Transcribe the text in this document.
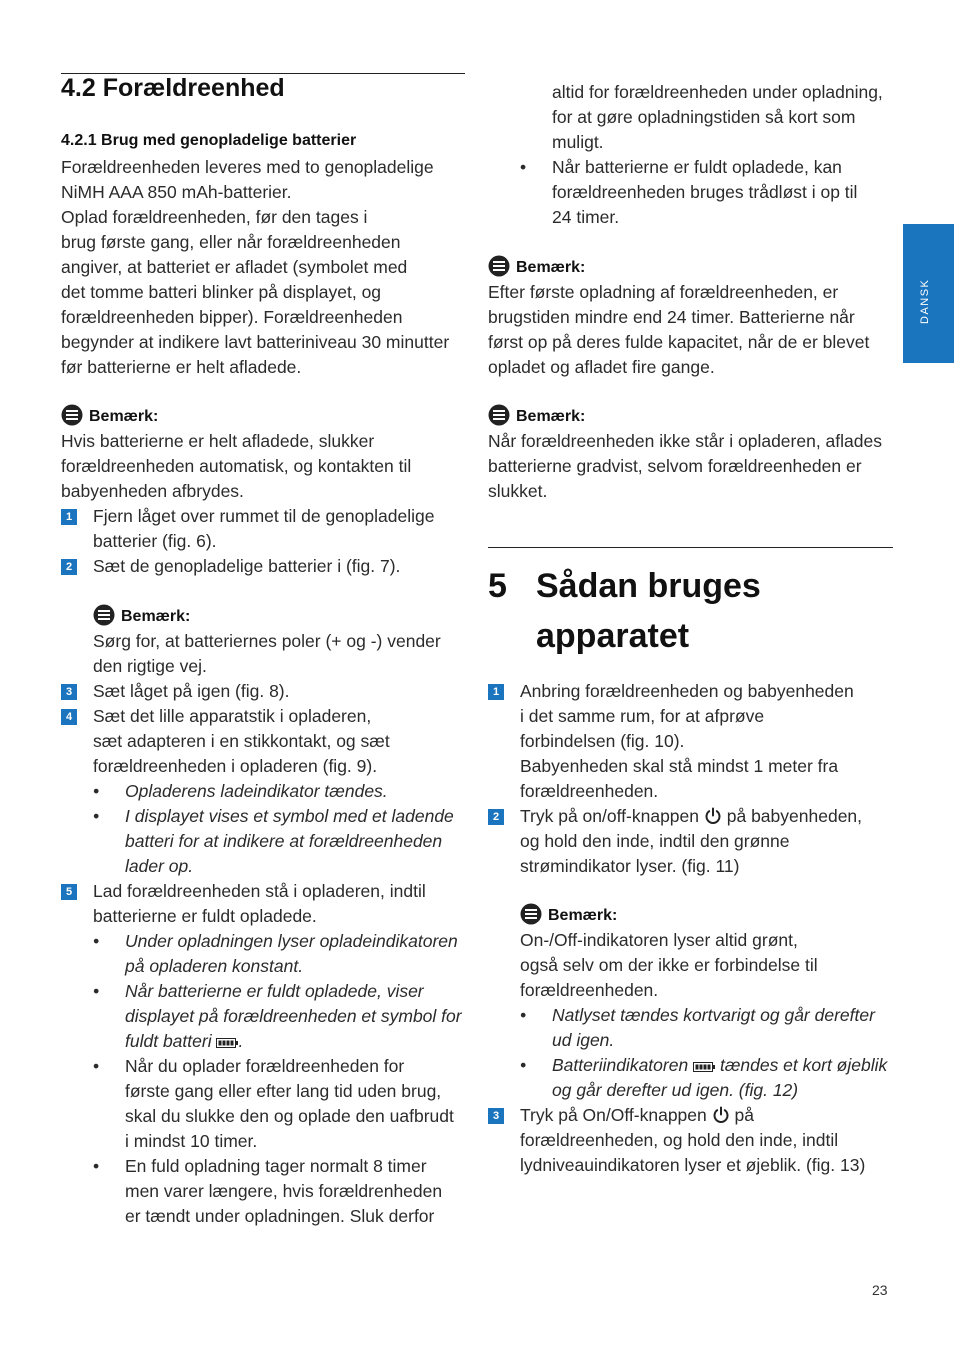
DANSK
4.2 Forældreenhed
4.2.1 Brug med genopladelige batterier
Forældreenheden leveres med to genopladelige
NiMH AAA 850 mAh-batterier.
Oplad forældreenheden, før den tages i
brug første gang, eller når forældreenheden
angiver, at batteriet er afladet (symbolet med
det tomme batteri blinker på displayet, og
forældreenheden bipper). Forældreenheden
begynder at indikere lavt batteriniveau 30 minutter
før batterierne er helt afladede.
Bemærk:
Hvis batterierne er helt afladede, slukker
forældreenheden automatisk, og kontakten til
babyenheden afbrydes.
1 Fjern låget over rummet til de genopladelige
batterier (fig. 6).
2 Sæt de genopladelige batterier i (fig. 7).
Bemærk:
Sørg for, at batteriernes poler (+ og -) vender
den rigtige vej.
3 Sæt låget på igen (fig. 8).
4 Sæt det lille apparatstik i opladeren,
sæt adapteren i en stikkontakt, og sæt
forældreenheden i opladeren (fig. 9).
• Opladerens ladeindikator tændes.
• I displayet vises et symbol med et ladende
batteri for at indikere at forældreenheden
lader op.
5 Lad forældreenheden stå i opladeren, indtil
batterierne er fuldt opladede.
• Under opladningen lyser opladeindikatoren
på opladeren konstant.
• Når batterierne er fuldt opladede, viser
displayet på forældreenheden et symbol for
fuldt batteri .
• Når du oplader forældreenheden for
første gang eller efter lang tid uden brug,
skal du slukke den og oplade den uafbrudt
i mindst 10 timer.
• En fuld opladning tager normalt 8 timer
men varer længere, hvis forældrenheden
er tændt under opladningen. Sluk derfor
altid for forældreenheden under opladning,
for at gøre opladningstiden så kort som
muligt.
• Når batterierne er fuldt opladede, kan
forældreenheden bruges trådløst i op til
24 timer.
Bemærk:
Efter første opladning af forældreenheden, er
brugstiden mindre end 24 timer. Batterierne når
først op på deres fulde kapacitet, når de er blevet
opladet og afladet fire gange.
Bemærk:
Når forældreenheden ikke står i opladeren, aflades
batterierne gradvist, selvom forældreenheden er
slukket.
5 Sådan bruges
apparatet
1 Anbring forældreenheden og babyenheden
i det samme rum, for at afprøve
forbindelsen (fig. 10).
Babyenheden skal stå mindst 1 meter fra
forældreenheden.
2 Tryk på on/off-knappen på babyenheden,
og hold den inde, indtil den grønne
strømindikator lyser. (fig. 11)
Bemærk:
On-/Off-indikatoren lyser altid grønt,
også selv om der ikke er forbindelse til
forældreenheden.
• Natlyset tændes kortvarigt og går derefter
ud igen.
• Batteriindikatoren tændes et kort øjeblik
og går derefter ud igen. (fig. 12)
3 Tryk på On/Off-knappen på
forældreenheden, og hold den inde, indtil
lydniveauindikatoren lyser et øjeblik. (fig. 13)
23
